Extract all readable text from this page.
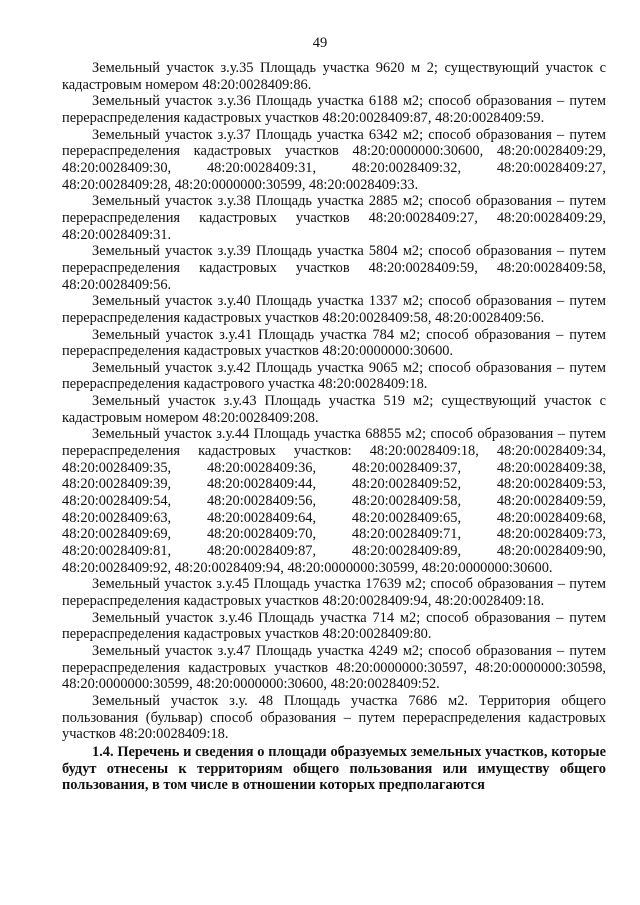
49

Земельный участок з.у.35 Площадь участка 9620 м 2; существующий участок с кадастровым номером 48:20:0028409:86.

Земельный участок з.у.36 Площадь участка 6188 м2; способ образования – путем перераспределения кадастровых участков 48:20:0028409:87, 48:20:0028409:59.

Земельный участок з.у.37 Площадь участка 6342 м2; способ образования – путем перераспределения кадастровых участков 48:20:0000000:30600, 48:20:0028409:29, 48:20:0028409:30, 48:20:0028409:31, 48:20:0028409:32, 48:20:0028409:27, 48:20:0028409:28, 48:20:0000000:30599, 48:20:0028409:33.

Земельный участок з.у.38 Площадь участка 2885 м2; способ образования – путем перераспределения кадастровых участков 48:20:0028409:27, 48:20:0028409:29, 48:20:0028409:31.

Земельный участок з.у.39 Площадь участка 5804 м2; способ образования – путем перераспределения кадастровых участков 48:20:0028409:59, 48:20:0028409:58, 48:20:0028409:56.

Земельный участок з.у.40 Площадь участка 1337 м2; способ образования – путем перераспределения кадастровых участков 48:20:0028409:58, 48:20:0028409:56.

Земельный участок з.у.41 Площадь участка 784 м2; способ образования – путем перераспределения кадастровых участков 48:20:0000000:30600.

Земельный участок з.у.42 Площадь участка 9065 м2; способ образования – путем перераспределения кадастрового участка 48:20:0028409:18.

Земельный участок з.у.43 Площадь участка 519 м2; существующий участок с кадастровым номером 48:20:0028409:208.

Земельный участок з.у.44 Площадь участка 68855 м2; способ образования – путем перераспределения кадастровых участков: 48:20:0028409:18, 48:20:0028409:34, 48:20:0028409:35, 48:20:0028409:36, 48:20:0028409:37, 48:20:0028409:38, 48:20:0028409:39, 48:20:0028409:44, 48:20:0028409:52, 48:20:0028409:53, 48:20:0028409:54, 48:20:0028409:56, 48:20:0028409:58, 48:20:0028409:59, 48:20:0028409:63, 48:20:0028409:64, 48:20:0028409:65, 48:20:0028409:68, 48:20:0028409:69, 48:20:0028409:70, 48:20:0028409:71, 48:20:0028409:73, 48:20:0028409:81, 48:20:0028409:87, 48:20:0028409:89, 48:20:0028409:90, 48:20:0028409:92, 48:20:0028409:94, 48:20:0000000:30599, 48:20:0000000:30600.

Земельный участок з.у.45 Площадь участка 17639 м2; способ образования – путем перераспределения кадастровых участков 48:20:0028409:94, 48:20:0028409:18.

Земельный участок з.у.46 Площадь участка 714 м2; способ образования – путем перераспределения кадастровых участков 48:20:0028409:80.

Земельный участок з.у.47 Площадь участка 4249 м2; способ образования – путем перераспределения кадастровых участков 48:20:0000000:30597, 48:20:0000000:30598, 48:20:0000000:30599, 48:20:0000000:30600, 48:20:0028409:52.

Земельный участок з.у. 48 Площадь участка 7686 м2. Территория общего пользования (бульвар) способ образования – путем перераспределения кадастровых участков 48:20:0028409:18.

1.4. Перечень и сведения о площади образуемых земельных участков, которые будут отнесены к территориям общего пользования или имуществу общего пользования, в том числе в отношении которых предполагаются
